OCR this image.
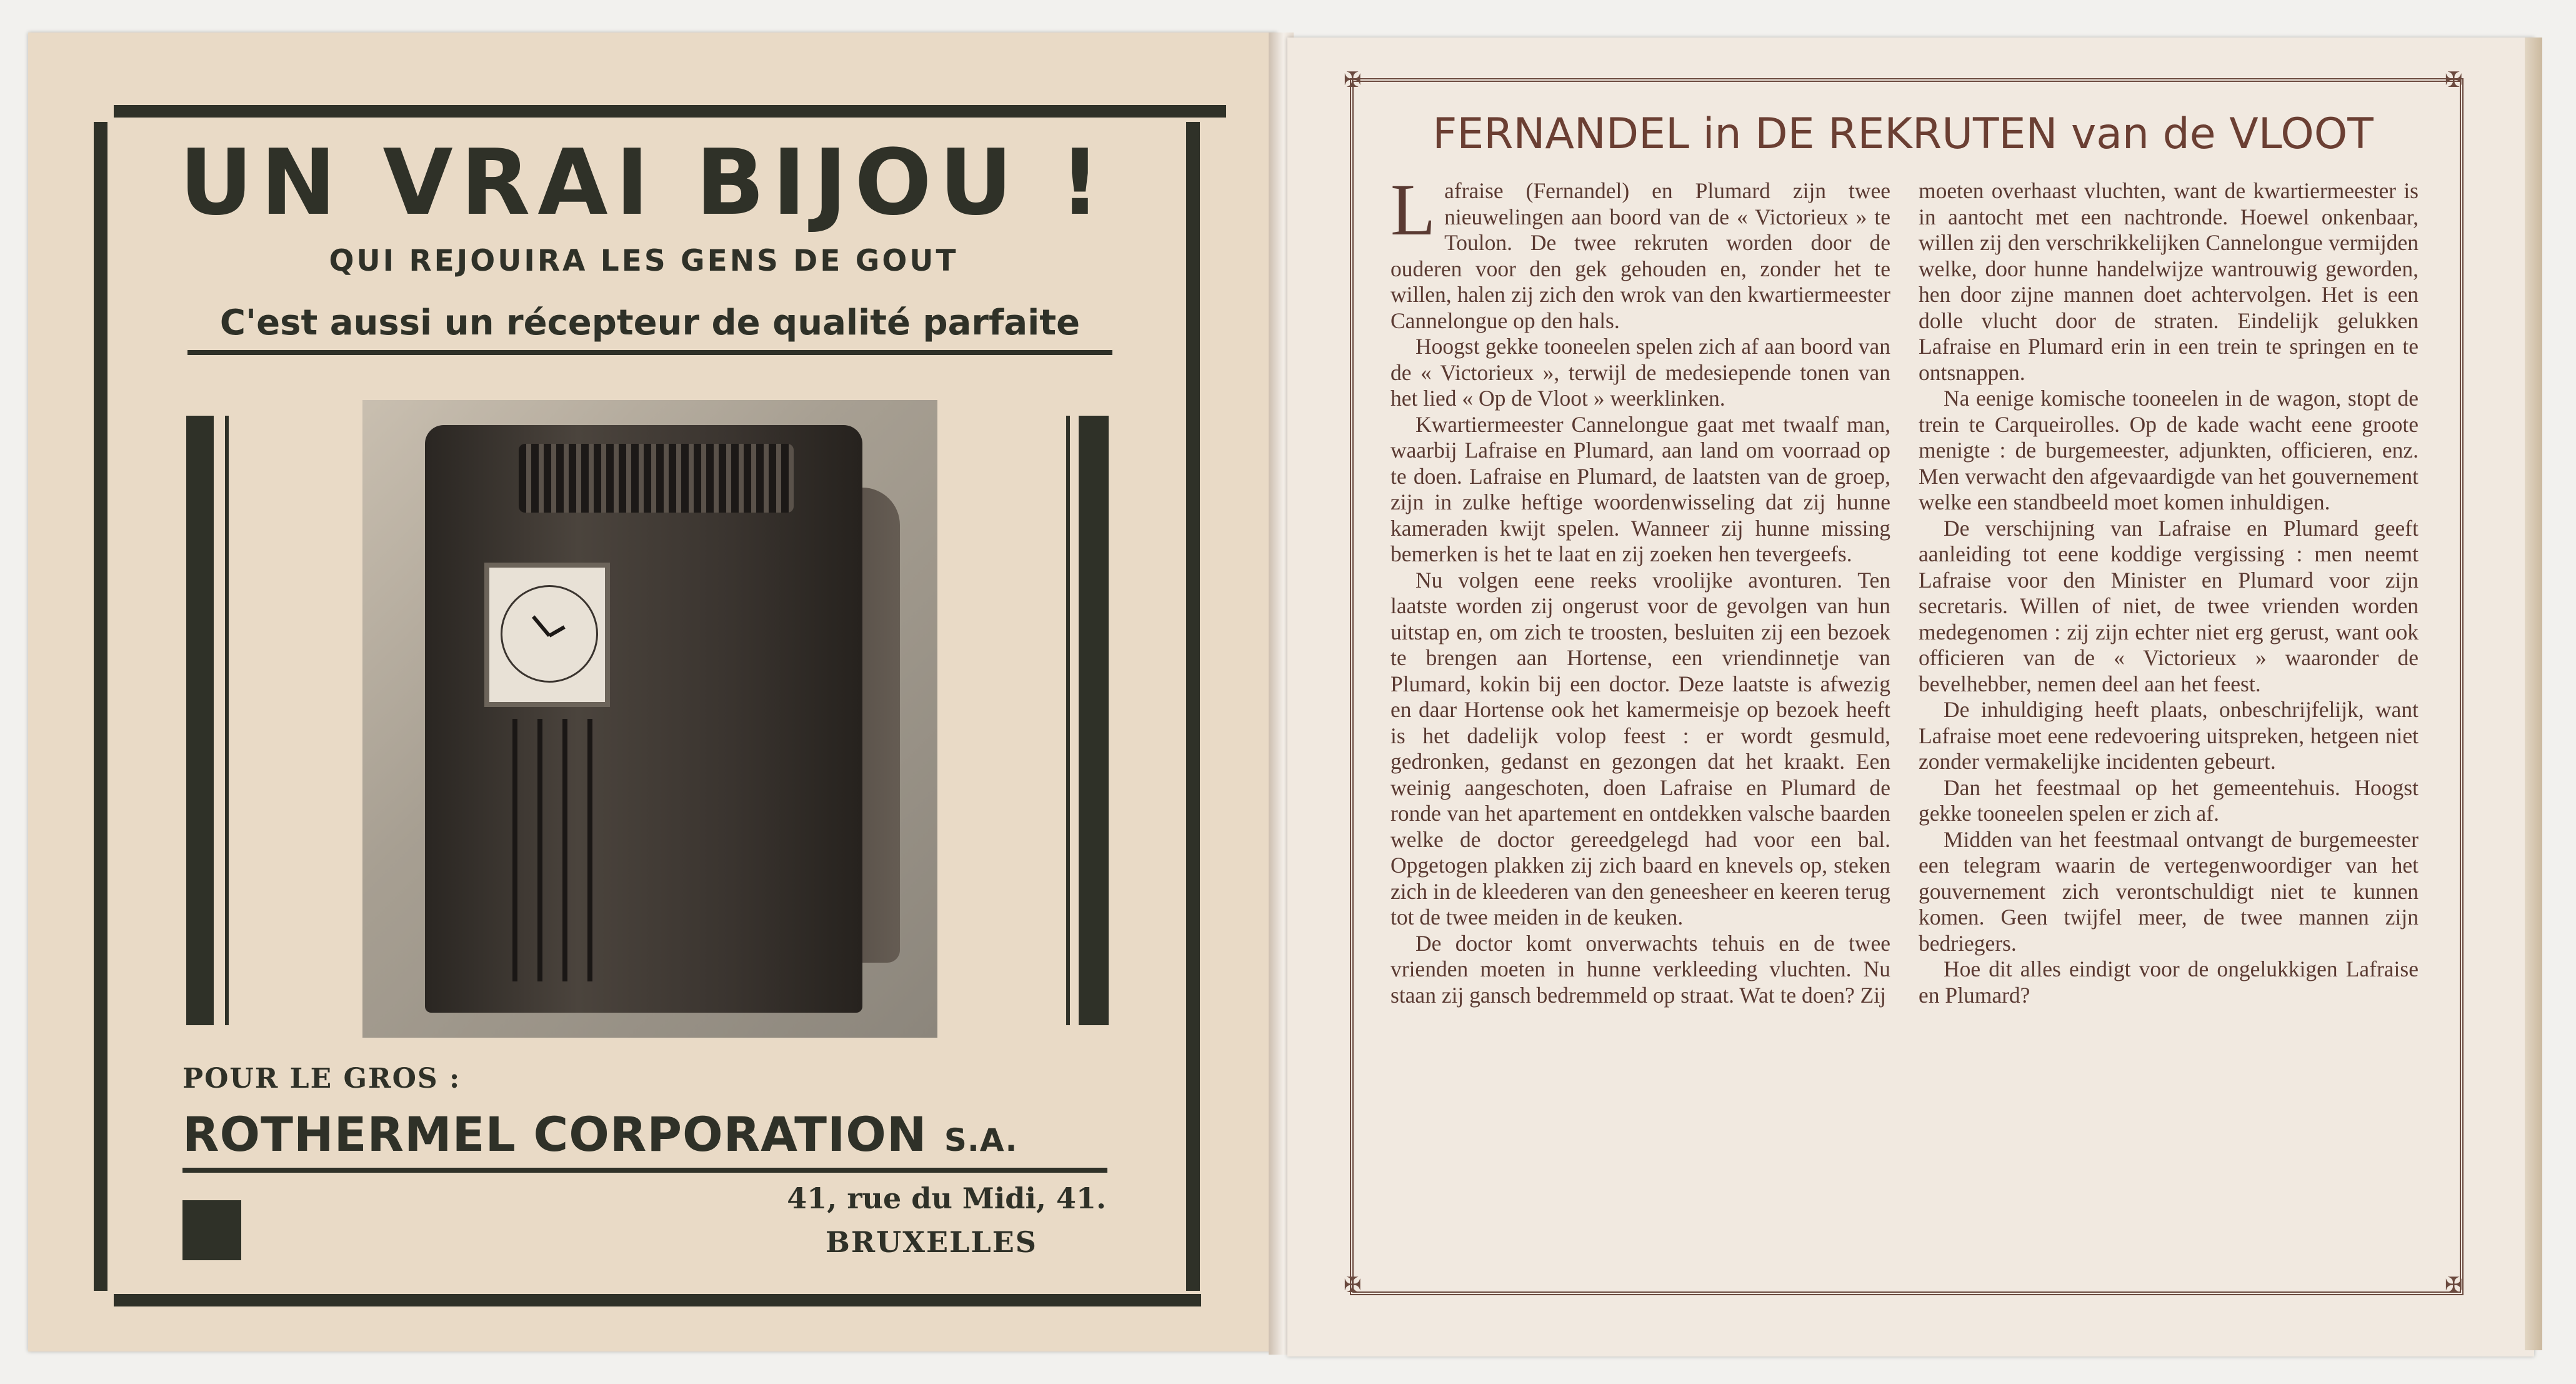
UN VRAI BIJOU !
QUI REJOUIRA LES GENS DE GOUT
C'est aussi un récepteur de qualité parfaite
POUR LE GROS :
ROTHERMEL CORPORATION S.A.
41, rue du Midi, 41.
BRUXELLES
✠	✠
✠	✠
FERNANDEL in DE REKRUTEN van de VLOOT

Lafraise (Fernandel) en Plumard zijn twee nieuwelingen aan boord van de « Victorieux » te Toulon. De twee rekruten worden door de ouderen voor den gek gehouden en, zonder het te willen, halen zij zich den wrok van den kwartiermeester Cannelongue op den hals.

Hoogst gekke tooneelen spelen zich af aan boord van de « Victorieux », terwijl de medesiepende tonen van het lied « Op de Vloot » weerklinken.

Kwartiermeester Cannelongue gaat met twaalf man, waarbij Lafraise en Plumard, aan land om voorraad op te doen. Lafraise en Plumard, de laatsten van de groep, zijn in zulke heftige woordenwisseling dat zij hunne kameraden kwijt spelen. Wanneer zij hunne missing bemerken is het te laat en zij zoeken hen tevergeefs.

Nu volgen eene reeks vroolijke avonturen. Ten laatste worden zij ongerust voor de gevolgen van hun uitstap en, om zich te troosten, besluiten zij een bezoek te brengen aan Hortense, een vriendinnetje van Plumard, kokin bij een doctor. Deze laatste is afwezig en daar Hortense ook het kamermeisje op bezoek heeft is het dadelijk volop feest : er wordt gesmuld, gedronken, gedanst en gezongen dat het kraakt. Een weinig aangeschoten, doen Lafraise en Plumard de ronde van het apartement en ontdekken valsche baarden welke de doctor gereedgelegd had voor een bal. Opgetogen plakken zij zich baard en knevels op, steken zich in de kleederen van den geneesheer en keeren terug tot de twee meiden in de keuken.

De doctor komt onverwachts tehuis en de twee vrienden moeten in hunne verkleeding vluchten. Nu staan zij gansch bedremmeld op straat. Wat te doen? Zij

moeten overhaast vluchten, want de kwartiermeester is in aantocht met een nachtronde. Hoewel onkenbaar, willen zij den verschrikkelijken Cannelongue vermijden welke, door hunne handelwijze wantrouwig geworden, hen door zijne mannen doet achtervolgen. Het is een dolle vlucht door de straten. Eindelijk gelukken Lafraise en Plumard erin in een trein te springen en te ontsnappen.

Na eenige komische tooneelen in de wagon, stopt de trein te Carqueirolles. Op de kade wacht eene groote menigte : de burgemeester, adjunkten, officieren, enz. Men verwacht den afgevaardigde van het gouvernement welke een standbeeld moet komen inhuldigen.

De verschijning van Lafraise en Plumard geeft aanleiding tot eene koddige vergissing : men neemt Lafraise voor den Minister en Plumard voor zijn secretaris. Willen of niet, de twee vrienden worden medegenomen : zij zijn echter niet erg gerust, want ook officieren van de « Victorieux » waaronder de bevelhebber, nemen deel aan het feest.

De inhuldiging heeft plaats, onbeschrijfelijk, want Lafraise moet eene redevoering uitspreken, hetgeen niet zonder vermakelijke incidenten gebeurt.

Dan het feestmaal op het gemeentehuis. Hoogst gekke tooneelen spelen er zich af.

Midden van het feestmaal ontvangt de burgemeester een telegram waarin de vertegenwoordiger van het gouvernement zich verontschuldigt niet te kunnen komen. Geen twijfel meer, de twee mannen zijn bedriegers.

Hoe dit alles eindigt voor de ongelukkigen Lafraise en Plumard?
